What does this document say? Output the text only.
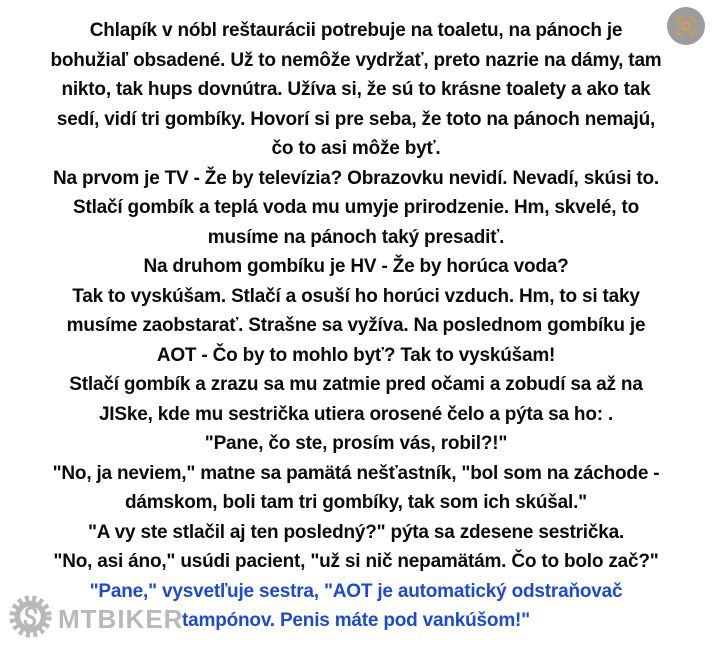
Chlapík v nóbl reštaurácii potrebuje na toaletu, na pánoch je
bohužiaľ obsadené. Už to nemôže vydržať, preto nazrie na dámy, tam
nikto, tak hups dovnútra. Užíva si, že sú to krásne toalety a ako tak
sedí, vidí tri gombíky. Hovorí si pre seba, že toto na pánoch nemajú,
čo to asi môže byť.
Na prvom je TV - Že by televízia? Obrazovku nevidí. Nevadí, skúsi to.
Stlačí gombík a teplá voda mu umyje prirodzenie. Hm, skvelé, to
musíme na pánoch taký presadiť.
Na druhom gombíku je HV - Že by horúca voda?
Tak to vyskúšam. Stlačí a osuší ho horúci vzduch. Hm, to si taky
musíme zaobstarať. Strašne sa vyžíva. Na poslednom gombíku je
AOT - Čo by to mohlo byť? Tak to vyskúšam!
Stlačí gombík a zrazu sa mu zatmie pred očami a zobudí sa až na
JISke, kde mu sestrička utiera orosené čelo a pýta sa ho: .
"Pane, čo ste, prosím vás, robil?!"
"No, ja neviem," matne sa pamätá nešťastník, "bol som na záchode -
dámskom, boli tam tri gombíky, tak som ich skúšal."
"A vy ste stlačil aj ten posledný?" pýta sa zdesene sestrička.
"No, asi áno," usúdi pacient, "už si nič nepamätám. Čo to bolo zač?"
"Pane," vysvetľuje sestra, "AOT je automatický odstraňovač
tampónov. Penis máte pod vankúšom!"
MTBIKER
